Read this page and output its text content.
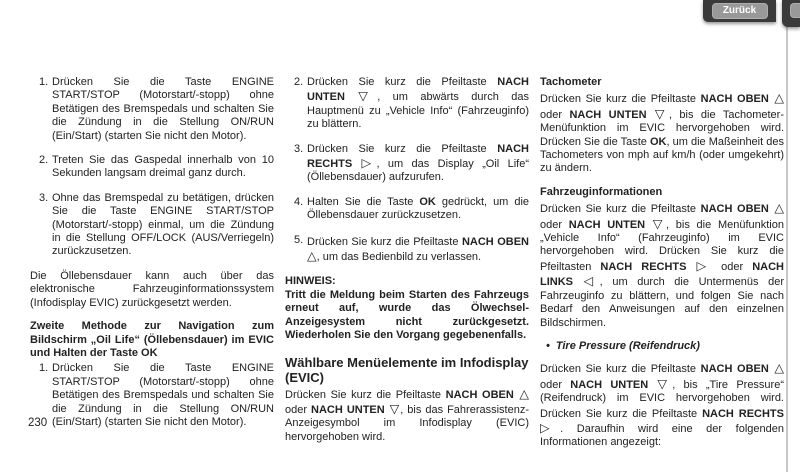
1. Drücken Sie die Taste ENGINE START/STOP (Motorstart/-stopp) ohne Betätigen des Bremspedals und schalten Sie die Zündung in die Stellung ON/RUN (Ein/Start) (starten Sie nicht den Motor).
2. Treten Sie das Gaspedal innerhalb von 10 Sekunden langsam dreimal ganz durch.
3. Ohne das Bremspedal zu betätigen, drücken Sie die Taste ENGINE START/STOP (Motorstart/-stopp) einmal, um die Zündung in die Stellung OFF/LOCK (AUS/Verriegeln) zurückzusetzen.
Die Öllebensdauer kann auch über das elektronische Fahrzeuginformationssystem (Infodisplay EVIC) zurückgesetzt werden.
Zweite Methode zur Navigation zum Bildschirm „Oil Life“ (Öllebensdauer) im EVIC und Halten der Taste OK
1. Drücken Sie die Taste ENGINE START/STOP (Motorstart/-stopp) ohne Betätigen des Bremspedals und schalten Sie die Zündung in die Stellung ON/RUN (Ein/Start) (starten Sie nicht den Motor).
2. Drücken Sie kurz die Pfeiltaste NACH UNTEN ▽, um abwärts durch das Hauptmenü zu „Vehicle Info“ (Fahrzeuginfo) zu blättern.
3. Drücken Sie kurz die Pfeiltaste NACH RECHTS ▷, um das Display „Oil Life“ (Öllebensdauer) aufzurufen.
4. Halten Sie die Taste OK gedrückt, um die Öllebensdauer zurückzusetzen.
5. Drücken Sie kurz die Pfeiltaste NACH OBEN △, um das Bedienbild zu verlassen.
HINWEIS:
Tritt die Meldung beim Starten des Fahrzeugs erneut auf, wurde das Ölwechsel-Anzeigesystem nicht zurückgesetzt. Wiederholen Sie den Vorgang gegebenenfalls.
Wählbare Menüelemente im Infodisplay (EVIC)
Drücken Sie kurz die Pfeiltaste NACH OBEN △ oder NACH UNTEN ▽, bis das Fahrerassistenz-Anzeigesymbol im Infodisplay (EVIC) hervorgehoben wird.
Tachometer
Drücken Sie kurz die Pfeiltaste NACH OBEN △ oder NACH UNTEN ▽, bis die Tachometer-Menüfunktion im EVIC hervorgehoben wird. Drücken Sie die Taste OK, um die Maßeinheit des Tachometers von mph auf km/h (oder umgekehrt) zu ändern.
Fahrzeuginformationen
Drücken Sie kurz die Pfeiltaste NACH OBEN △ oder NACH UNTEN ▽, bis die Menüfunktion „Vehicle Info“ (Fahrzeuginfo) im EVIC hervorgehoben wird. Drücken Sie kurz die Pfeiltasten NACH RECHTS ▷ oder NACH LINKS ◁, um durch die Untermenüs der Fahrzeuginfo zu blättern, und folgen Sie nach Bedarf den Anweisungen auf den einzelnen Bildschirmen.
• Tire Pressure (Reifendruck)
Drücken Sie kurz die Pfeiltaste NACH OBEN △ oder NACH UNTEN ▽, bis „Tire Pressure“ (Reifendruck) im EVIC hervorgehoben wird. Drücken Sie kurz die Pfeiltaste NACH RECHTS ▷. Daraufhin wird eine der folgenden Informationen angezeigt:
230
Zurück
